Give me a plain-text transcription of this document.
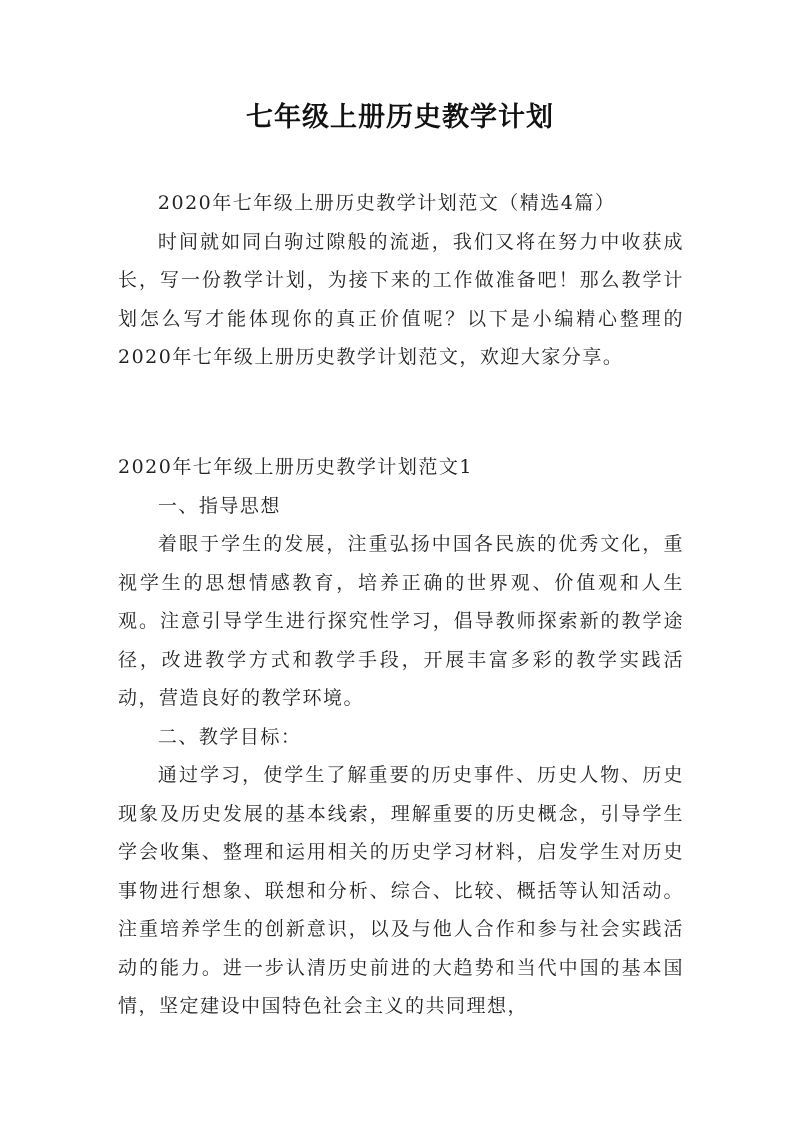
七年级上册历史教学计划

2020年七年级上册历史教学计划范文（精选4篇）

时间就如同白驹过隙般的流逝，我们又将在努力中收获成长，写一份教学计划，为接下来的工作做准备吧！那么教学计划怎么写才能体现你的真正价值呢？以下是小编精心整理的2020年七年级上册历史教学计划范文，欢迎大家分享。

2020年七年级上册历史教学计划范文1

一、指导思想

着眼于学生的发展，注重弘扬中国各民族的优秀文化，重视学生的思想情感教育，培养正确的世界观、价值观和人生观。注意引导学生进行探究性学习，倡导教师探索新的教学途径，改进教学方式和教学手段，开展丰富多彩的教学实践活动，营造良好的教学环境。

二、教学目标：

通过学习，使学生了解重要的历史事件、历史人物、历史现象及历史发展的基本线索，理解重要的历史概念，引导学生学会收集、整理和运用相关的历史学习材料，启发学生对历史事物进行想象、联想和分析、综合、比较、概括等认知活动。注重培养学生的创新意识，以及与他人合作和参与社会实践活动的能力。进一步认清历史前进的大趋势和当代中国的基本国情，坚定建设中国特色社会主义的共同理想，
